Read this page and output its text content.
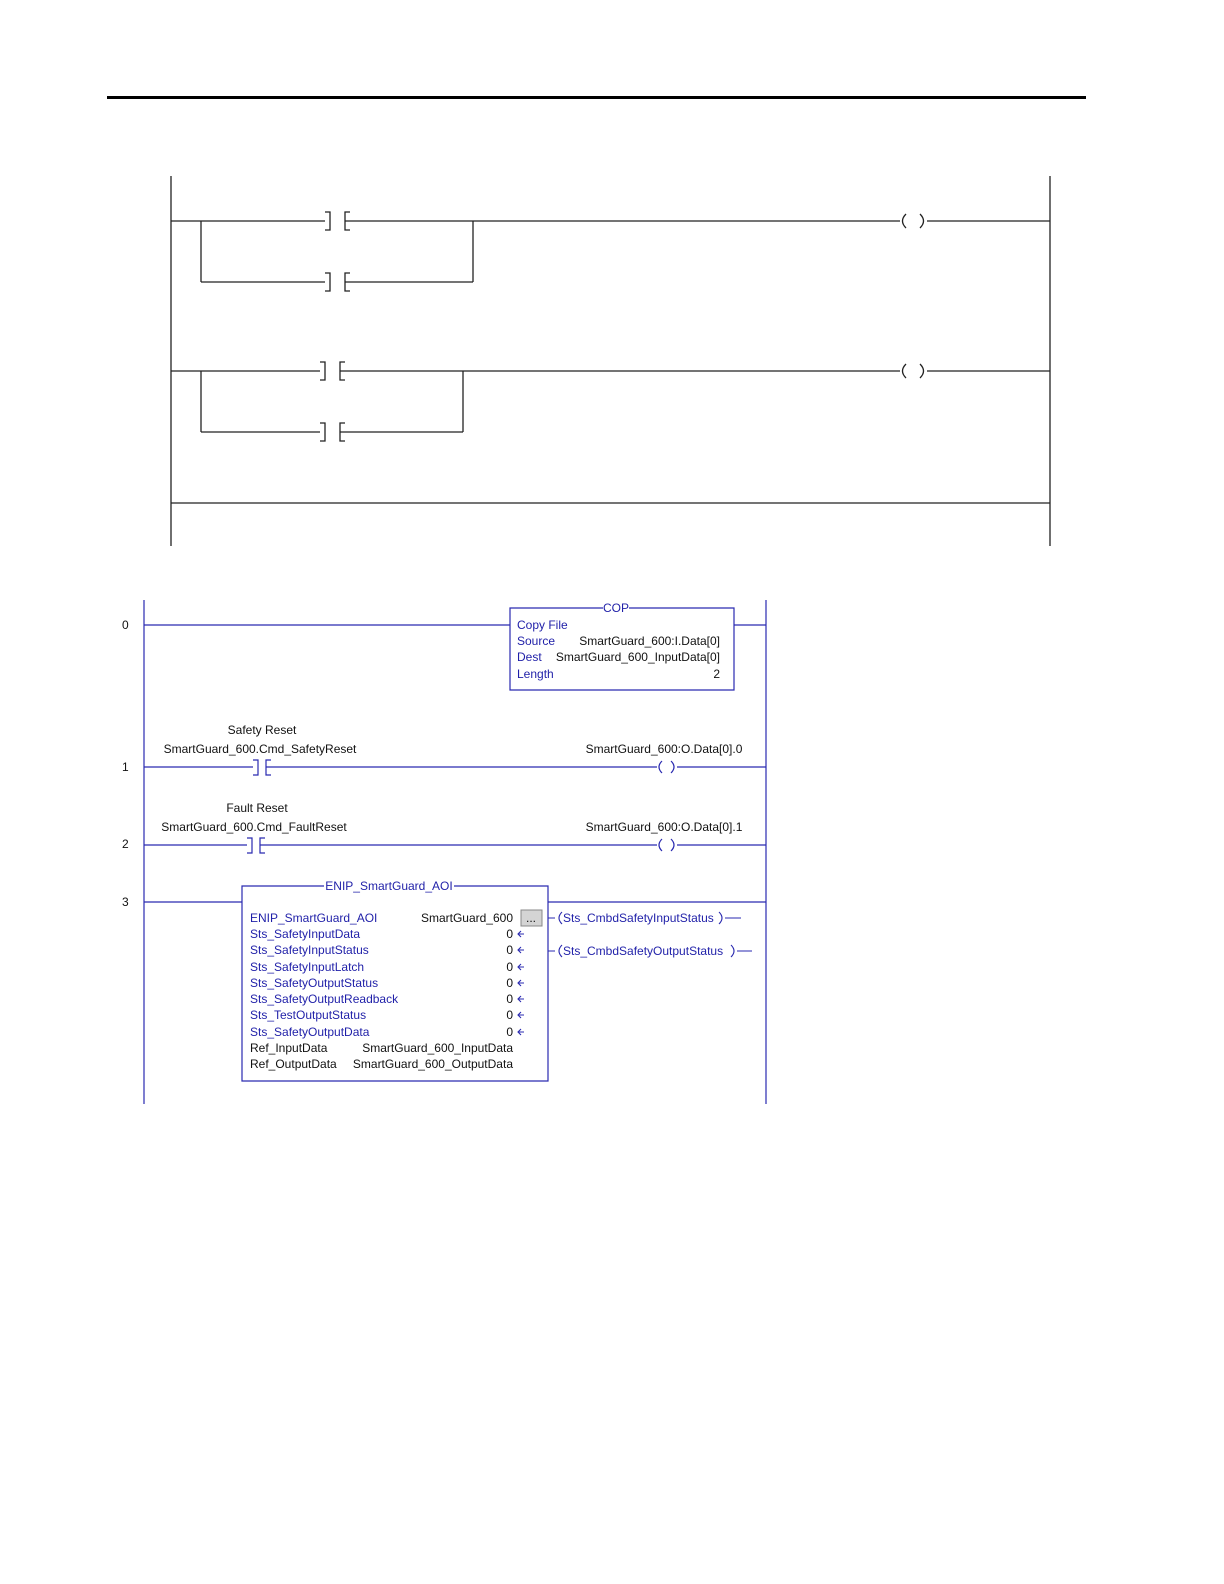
0
COP
Copy File
Source SmartGuard_600:I.Data[0]
Dest SmartGuard_600_InputData[0]
Length	2
1
Safety Reset
SmartGuard_600.Cmd_SafetyReset	SmartGuard_600:O.Data[0].0
2
Fault Reset
SmartGuard_600.Cmd_FaultReset	SmartGuard_600:O.Data[0].1
3
ENIP_SmartGuard_AOI
ENIP_SmartGuard_AOI	SmartGuard_600 ...
Sts_SafetyInputData	0
Sts_SafetyInputStatus	0
Sts_SafetyInputLatch	0
Sts_SafetyOutputStatus	0
Sts_SafetyOutputReadback	0
Sts_TestOutputStatus	0
Sts_SafetyOutputData	0
Ref_InputData	SmartGuard_600_InputData
Ref_OutputData SmartGuard_600_OutputData
Sts_CmbdSafetyInputStatus
Sts_CmbdSafetyOutputStatus
